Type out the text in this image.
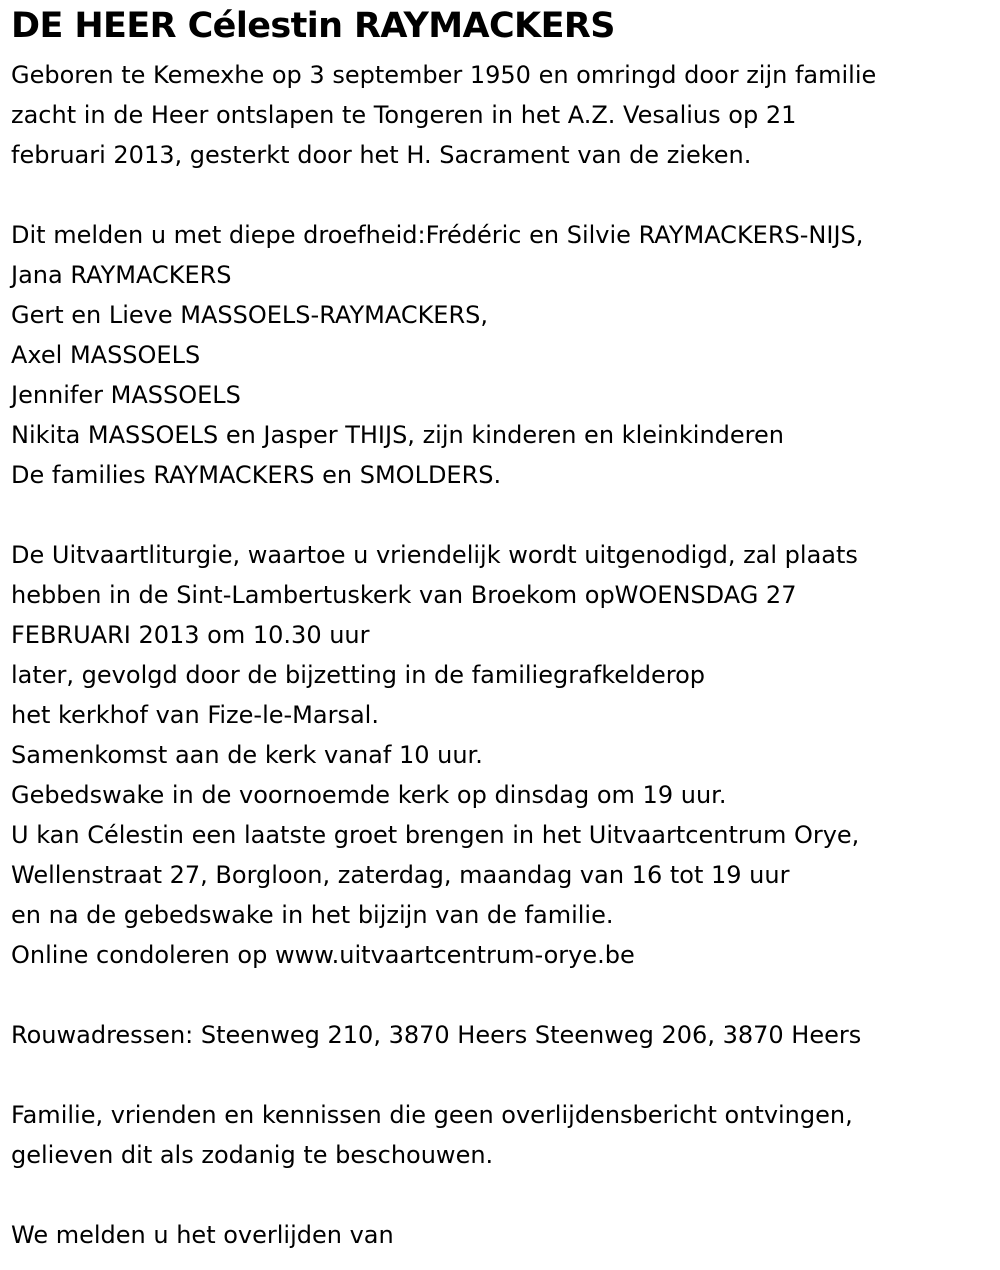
DE HEER Célestin RAYMACKERS
Geboren te Kemexhe op 3 september 1950 en omringd door zijn familie
zacht in de Heer ontslapen te Tongeren in het A.Z. Vesalius op 21
februari 2013, gesterkt door het H. Sacrament van de zieken.
Dit melden u met diepe droefheid:Frédéric en Silvie RAYMACKERS-NIJS,
Jana RAYMACKERS
Gert en Lieve MASSOELS-RAYMACKERS,
Axel MASSOELS
Jennifer MASSOELS
Nikita MASSOELS en Jasper THIJS, zijn kinderen en kleinkinderen
De families RAYMACKERS en SMOLDERS.
De Uitvaartliturgie, waartoe u vriendelijk wordt uitgenodigd, zal plaats
hebben in de Sint-Lambertuskerk van Broekom opWOENSDAG 27
FEBRUARI 2013 om 10.30 uur
later, gevolgd door de bijzetting in de familiegrafkelderop
het kerkhof van Fize-le-Marsal.
Samenkomst aan de kerk vanaf 10 uur.
Gebedswake in de voornoemde kerk op dinsdag om 19 uur.
U kan Célestin een laatste groet brengen in het Uitvaartcentrum Orye,
Wellenstraat 27, Borgloon, zaterdag, maandag van 16 tot 19 uur
en na de gebedswake in het bijzijn van de familie.
Online condoleren op www.uitvaartcentrum-orye.be
Rouwadressen: Steenweg 210, 3870 Heers Steenweg 206, 3870 Heers
Familie, vrienden en kennissen die geen overlijdensbericht ontvingen,
gelieven dit als zodanig te beschouwen.
We melden u het overlijden van
